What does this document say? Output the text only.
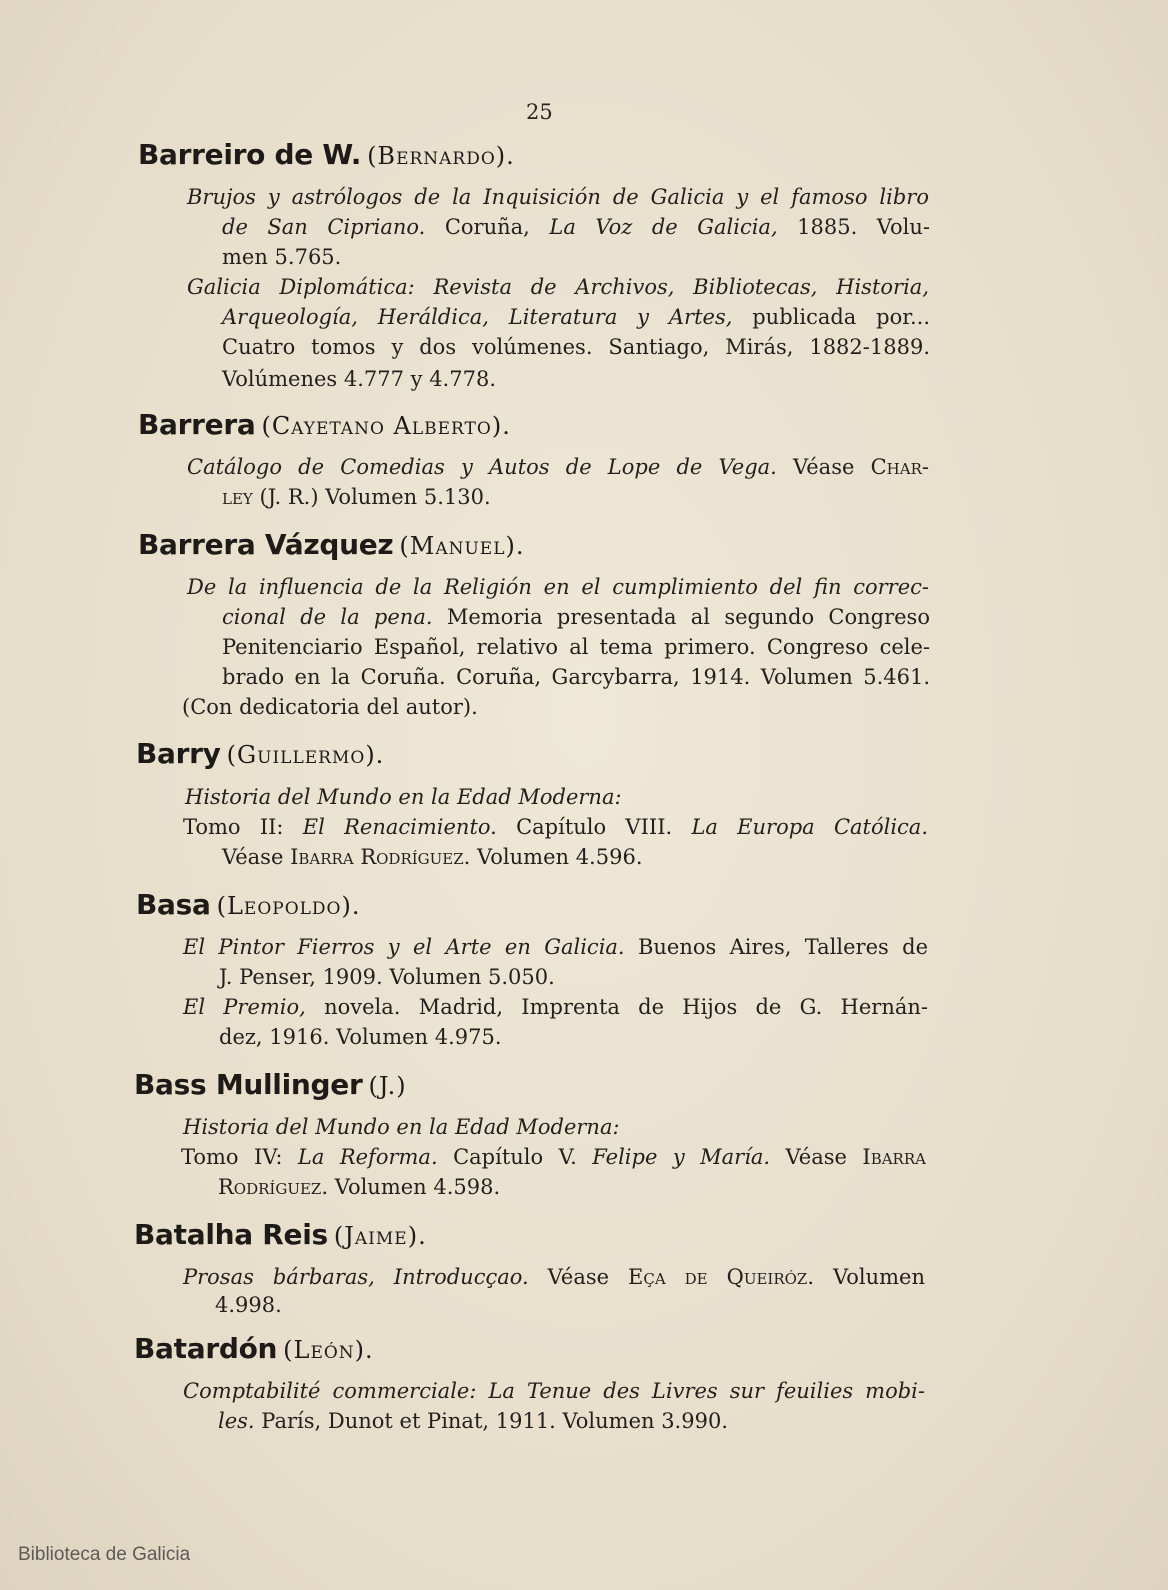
25
Barreiro de W. (Bernardo).
Brujos y astrólogos de la Inquisición de Galicia y el famoso libro
de San Cipriano. Coruña, La Voz de Galicia, 1885. Volu-
men 5.765.
Galicia Diplomática: Revista de Archivos, Bibliotecas, Historia,
Arqueología, Heráldica, Literatura y Artes, publicada por...
Cuatro tomos y dos volúmenes. Santiago, Mirás, 1882-1889.
Volúmenes 4.777 y 4.778.
Barrera (Cayetano Alberto).
Catálogo de Comedias y Autos de Lope de Vega. Véase Char-
ley (J. R.) Volumen 5.130.
Barrera Vázquez (Manuel).
De la influencia de la Religión en el cumplimiento del fin correc-
cional de la pena. Memoria presentada al segundo Congreso
Penitenciario Español, relativo al tema primero. Congreso cele-
brado en la Coruña. Coruña, Garcybarra, 1914. Volumen 5.461.
(Con dedicatoria del autor).
Barry (Guillermo).
Historia del Mundo en la Edad Moderna:
Tomo II: El Renacimiento. Capítulo VIII. La Europa Católica.
Véase Ibarra Rodríguez. Volumen 4.596.
Basa (Leopoldo).
El Pintor Fierros y el Arte en Galicia. Buenos Aires, Talleres de
J. Penser, 1909. Volumen 5.050.
El Premio, novela. Madrid, Imprenta de Hijos de G. Hernán-
dez, 1916. Volumen 4.975.
Bass Mullinger (J.)
Historia del Mundo en la Edad Moderna:
Tomo IV: La Reforma. Capítulo V. Felipe y María. Véase Ibarra
Rodríguez. Volumen 4.598.
Batalha Reis (Jaime).
Prosas bárbaras, Introducçao. Véase Eça de Queiróz. Volumen
4.998.
Batardón (León).
Comptabilité commerciale: La Tenue des Livres sur feuilies mobi-
les. París, Dunot et Pinat, 1911. Volumen 3.990.
Biblioteca de Galicia
